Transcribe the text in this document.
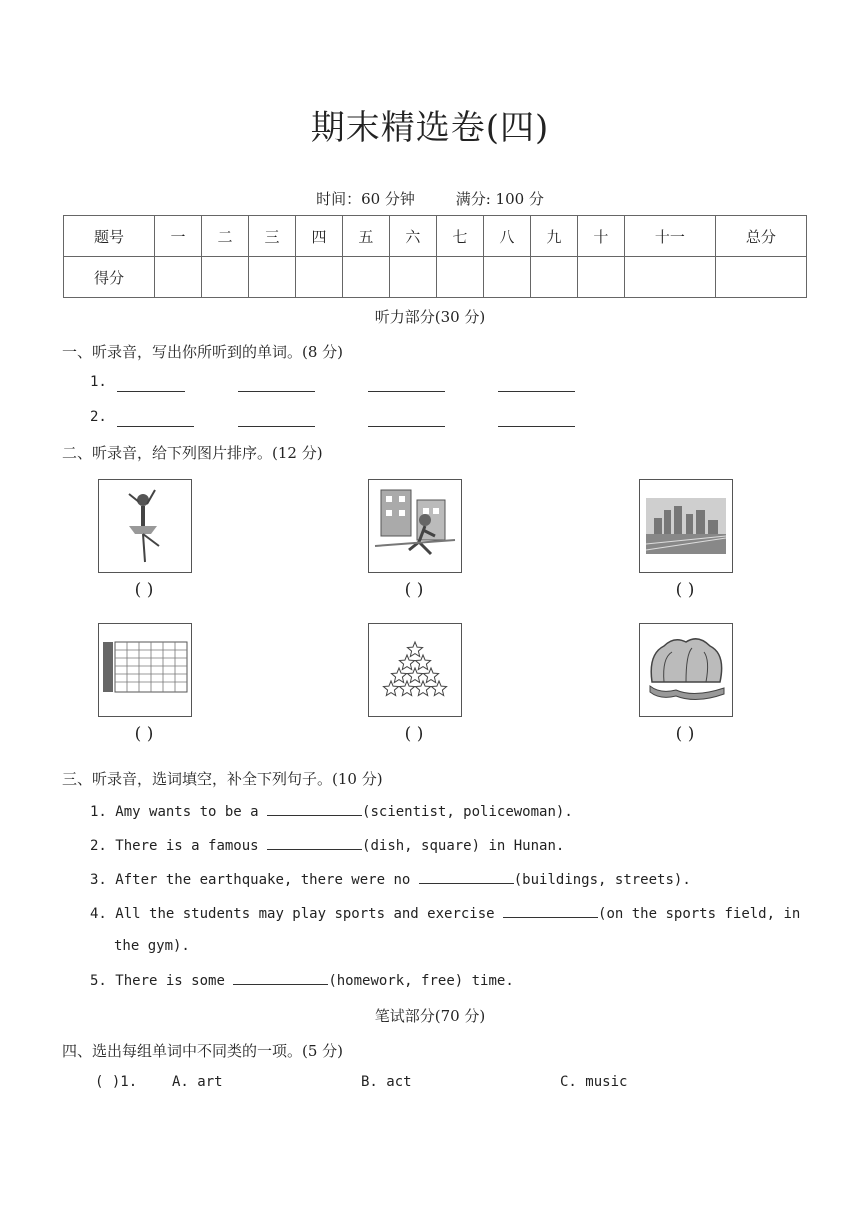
期末精选卷(四)
时间：60 分钟	满分: 100 分
题号	一	二	三	四	五	六	七	八	九	十	十一	总分
得分												
听力部分(30 分)
一、听录音，写出你所听到的单词。(8 分)
1.
2.
二、听录音，给下列图片排序。(12 分)
( )	( )	( )
( )	( )	( )
三、听录音，选词填空，补全下列句子。(10 分)
1. Amy wants to be a	(scientist, policewoman).
2. There is a famous	(dish, square) in Hunan.
3. After the earthquake, there were no	(buildings, streets).
4. All the students may play sports and exercise	(on the sports field, in
the gym).
5. There is some	(homework, free) time.
笔试部分(70 分)
四、选出每组单词中不同类的一项。(5 分)
( )1. A. art	B. act	C. music
